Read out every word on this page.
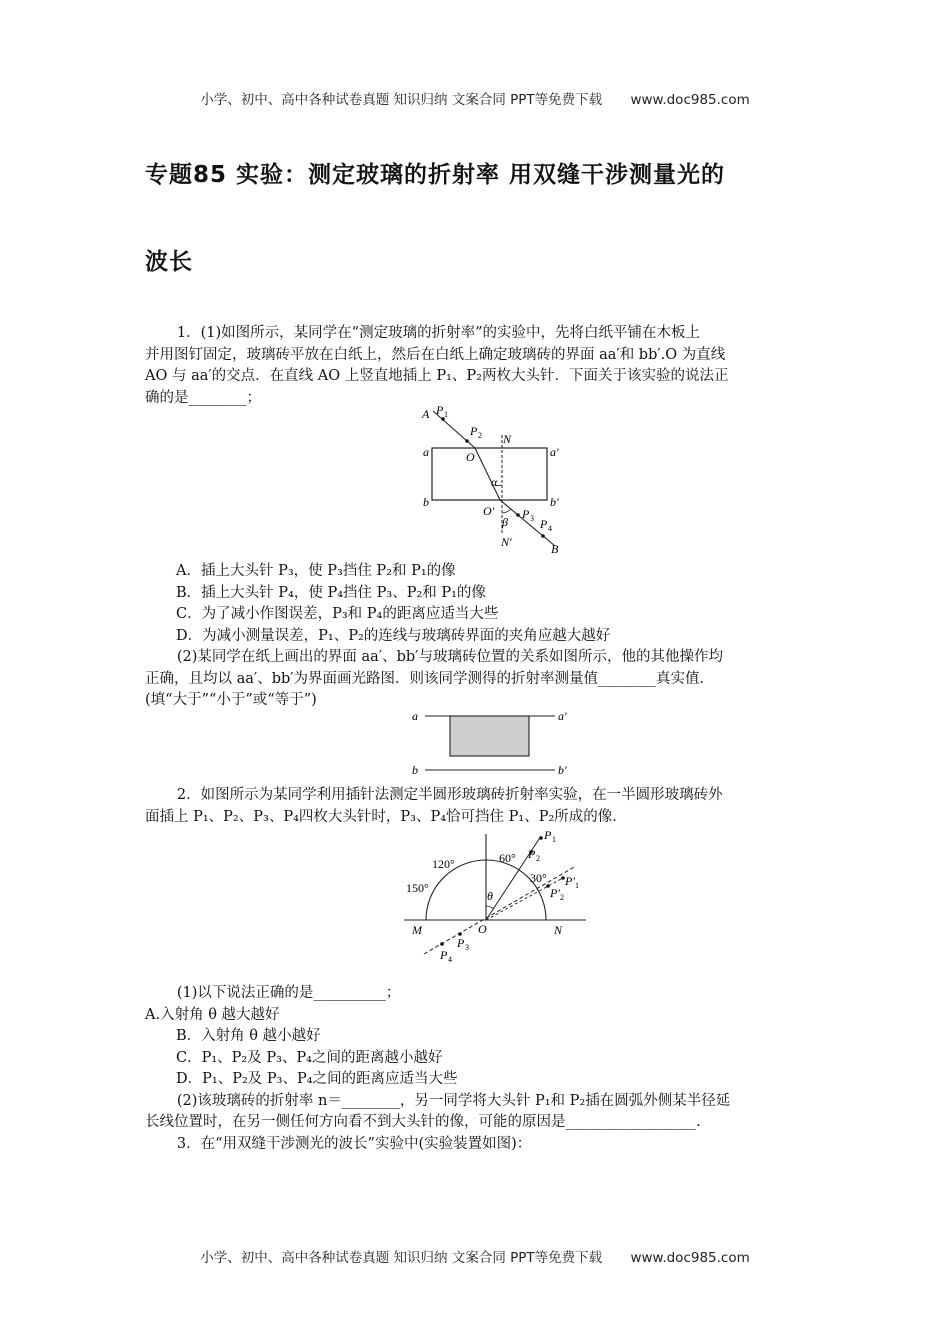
小学、初中、高中各种试卷真题 知识归纳 文案合同 PPT等免费下载 www.doc985.com
专题85 实验：测定玻璃的折射率 用双缝干涉测量光的
波长

1．(1)如图所示，某同学在“测定玻璃的折射率”的实验中，先将白纸平铺在木板上

并用图钉固定，玻璃砖平放在白纸上，然后在白纸上确定玻璃砖的界面 aa′和 bb′.O 为直线

AO 与 aa′的交点．在直线 AO 上竖直地插上 P₁、P₂两枚大头针．下面关于该实验的说法正

确的是________；

A P 1
P 2 N
a	O	a′
α
b	b′
O′ P 3
β	P 4
N′	B

A．插上大头针 P₃，使 P₃挡住 P₂和 P₁的像

B．插上大头针 P₄，使 P₄挡住 P₃、P₂和 P₁的像

C．为了减小作图误差，P₃和 P₄的距离应适当大些

D．为减小测量误差，P₁、P₂的连线与玻璃砖界面的夹角应越大越好

(2)某同学在纸上画出的界面 aa′、bb′与玻璃砖位置的关系如图所示，他的其他操作均

正确，且均以 aa′、bb′为界面画光路图．则该同学测得的折射率测量值________真实值．

(填“大于”“小于”或“等于”)

a	a′
b	b′

2．如图所示为某同学利用插针法测定半圆形玻璃砖折射率实验，在一半圆形玻璃砖外

面插上 P₁、P₂、P₃、P₄四枚大头针时，P₃、P₄恰可挡住 P₁、P₂所成的像．

120°
150°
60°
30°
θ
M	O	N
P 1
P 2
P′ 1
P′ 2
P 3
P 4

(1)以下说法正确的是__________；

A.入射角 θ 越大越好

B．入射角 θ 越小越好

C．P₁、P₂及 P₃、P₄之间的距离越小越好

D．P₁、P₂及 P₃、P₄之间的距离应适当大些

(2)该玻璃砖的折射率 n＝________，另一同学将大头针 P₁和 P₂插在圆弧外侧某半径延

长线位置时，在另一侧任何方向看不到大头针的像，可能的原因是__________________.

3．在“用双缝干涉测光的波长”实验中(实验装置如图)：

小学、初中、高中各种试卷真题 知识归纳 文案合同 PPT等免费下载 www.doc985.com
